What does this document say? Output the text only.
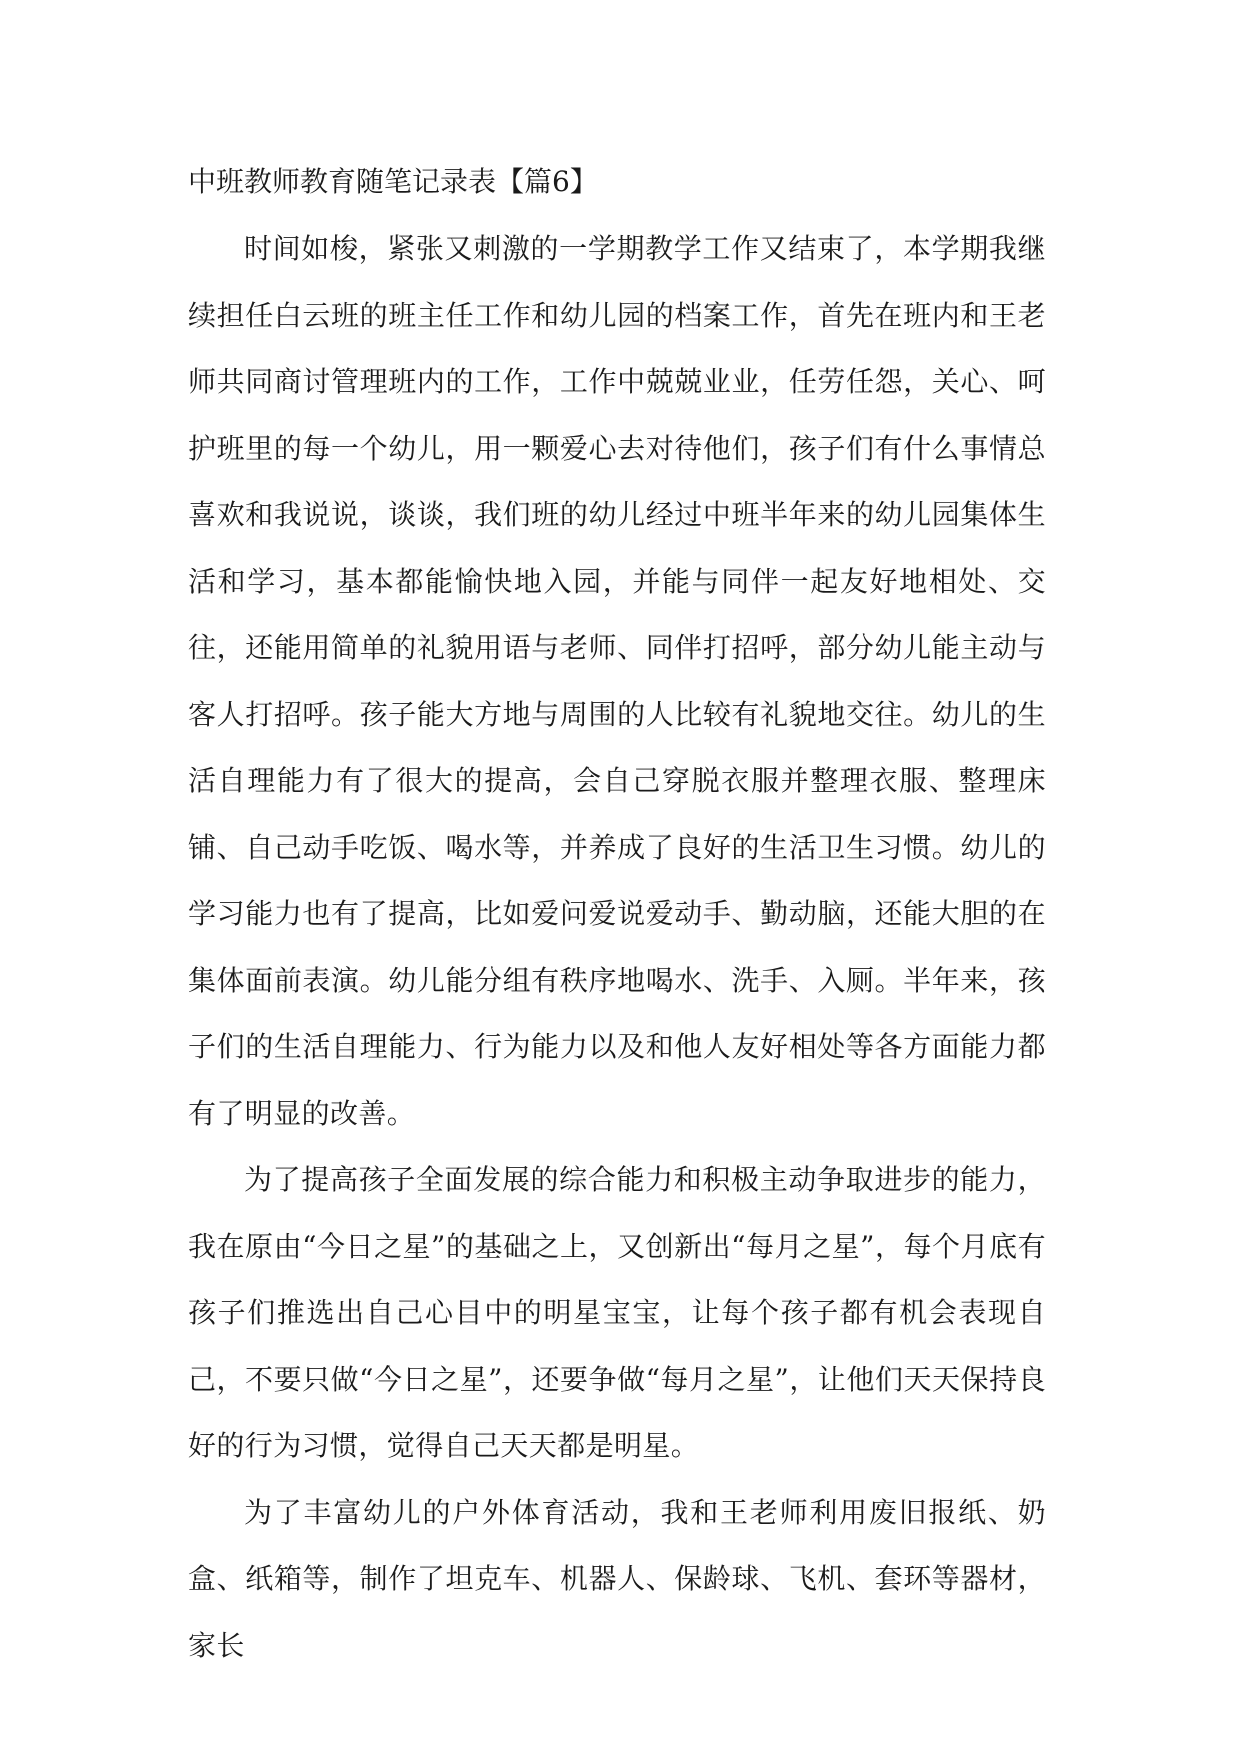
中班教师教育随笔记录表【篇6】

时间如梭，紧张又刺激的一学期教学工作又结束了，本学期我继续担任白云班的班主任工作和幼儿园的档案工作，首先在班内和王老师共同商讨管理班内的工作，工作中兢兢业业，任劳任怨，关心、呵护班里的每一个幼儿，用一颗爱心去对待他们，孩子们有什么事情总喜欢和我说说，谈谈，我们班的幼儿经过中班半年来的幼儿园集体生活和学习，基本都能愉快地入园，并能与同伴一起友好地相处、交往，还能用简单的礼貌用语与老师、同伴打招呼，部分幼儿能主动与客人打招呼。孩子能大方地与周围的人比较有礼貌地交往。幼儿的生活自理能力有了很大的提高，会自己穿脱衣服并整理衣服、整理床铺、自己动手吃饭、喝水等，并养成了良好的生活卫生习惯。幼儿的学习能力也有了提高，比如爱问爱说爱动手、勤动脑，还能大胆的在集体面前表演。幼儿能分组有秩序地喝水、洗手、入厕。半年来，孩子们的生活自理能力、行为能力以及和他人友好相处等各方面能力都有了明显的改善。

为了提高孩子全面发展的综合能力和积极主动争取进步的能力，我在原由“今日之星”的基础之上，又创新出“每月之星”，每个月底有孩子们推选出自己心目中的明星宝宝，让每个孩子都有机会表现自己，不要只做“今日之星”，还要争做“每月之星”，让他们天天保持良好的行为习惯，觉得自己天天都是明星。

为了丰富幼儿的户外体育活动，我和王老师利用废旧报纸、奶盒、纸箱等，制作了坦克车、机器人、保龄球、飞机、套环等器材，家长
